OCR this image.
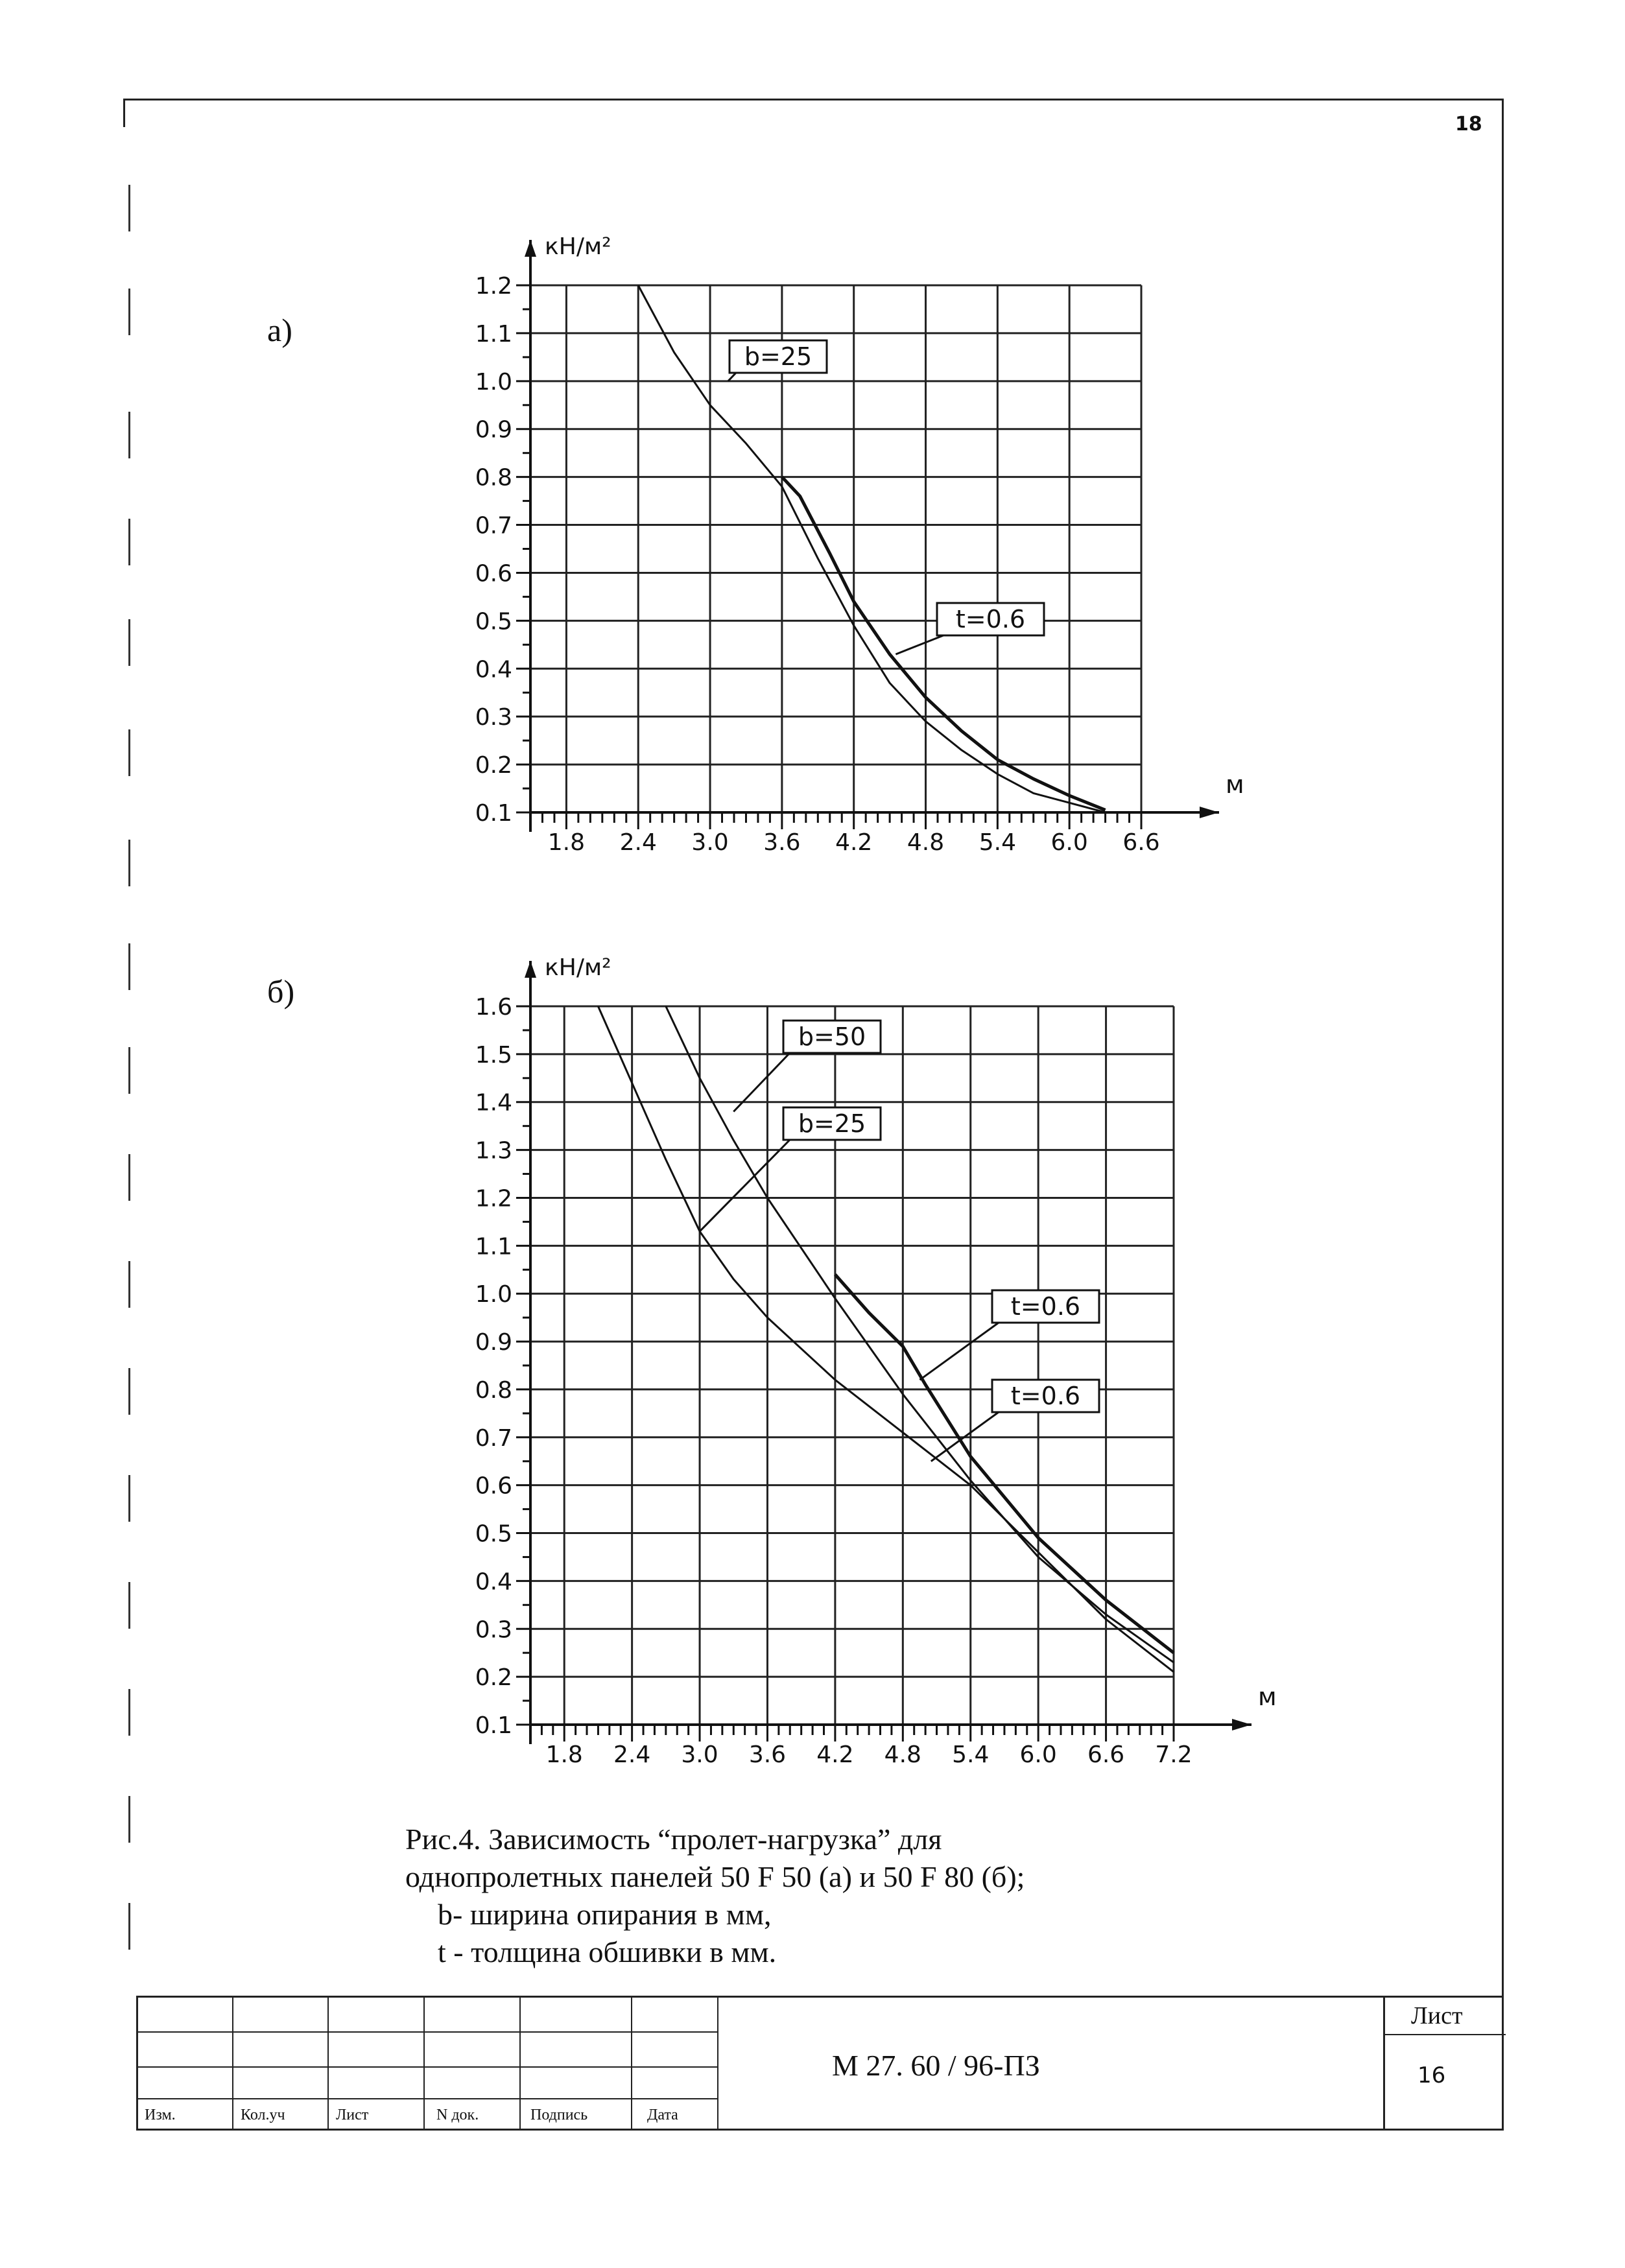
18
а)
б)
1.8 2.4 3.0 3.6 4.2 4.8 5.4 6.0 6.6
0.1
0.2
0.3
0.4
0.5
0.6
0.7
0.8
0.9
1.0
1.1
1.2
кН/м²
м
b=25
t=0.6
1.8 2.4 3.0 3.6 4.2 4.8 5.4 6.0 6.6 7.2
0.1
0.2
0.3
0.4
0.5
0.6
0.7
0.8
0.9
1.0
1.1
1.2
1.3
1.4
1.5
1.6
кН/м²
м
b=50
b=25
t=0.6
t=0.6
Рис.4. Зависимость “пролет-нагрузка” для
однопролетных панелей 50 F 50 (а) и 50 F 80 (б);
b- ширина опирания в мм,
t - толщина обшивки в мм.
Изм.	Кол.уч	Лист	N док.	Подпись	Дата
М 27. 60 / 96-ПЗ
Лист
16
